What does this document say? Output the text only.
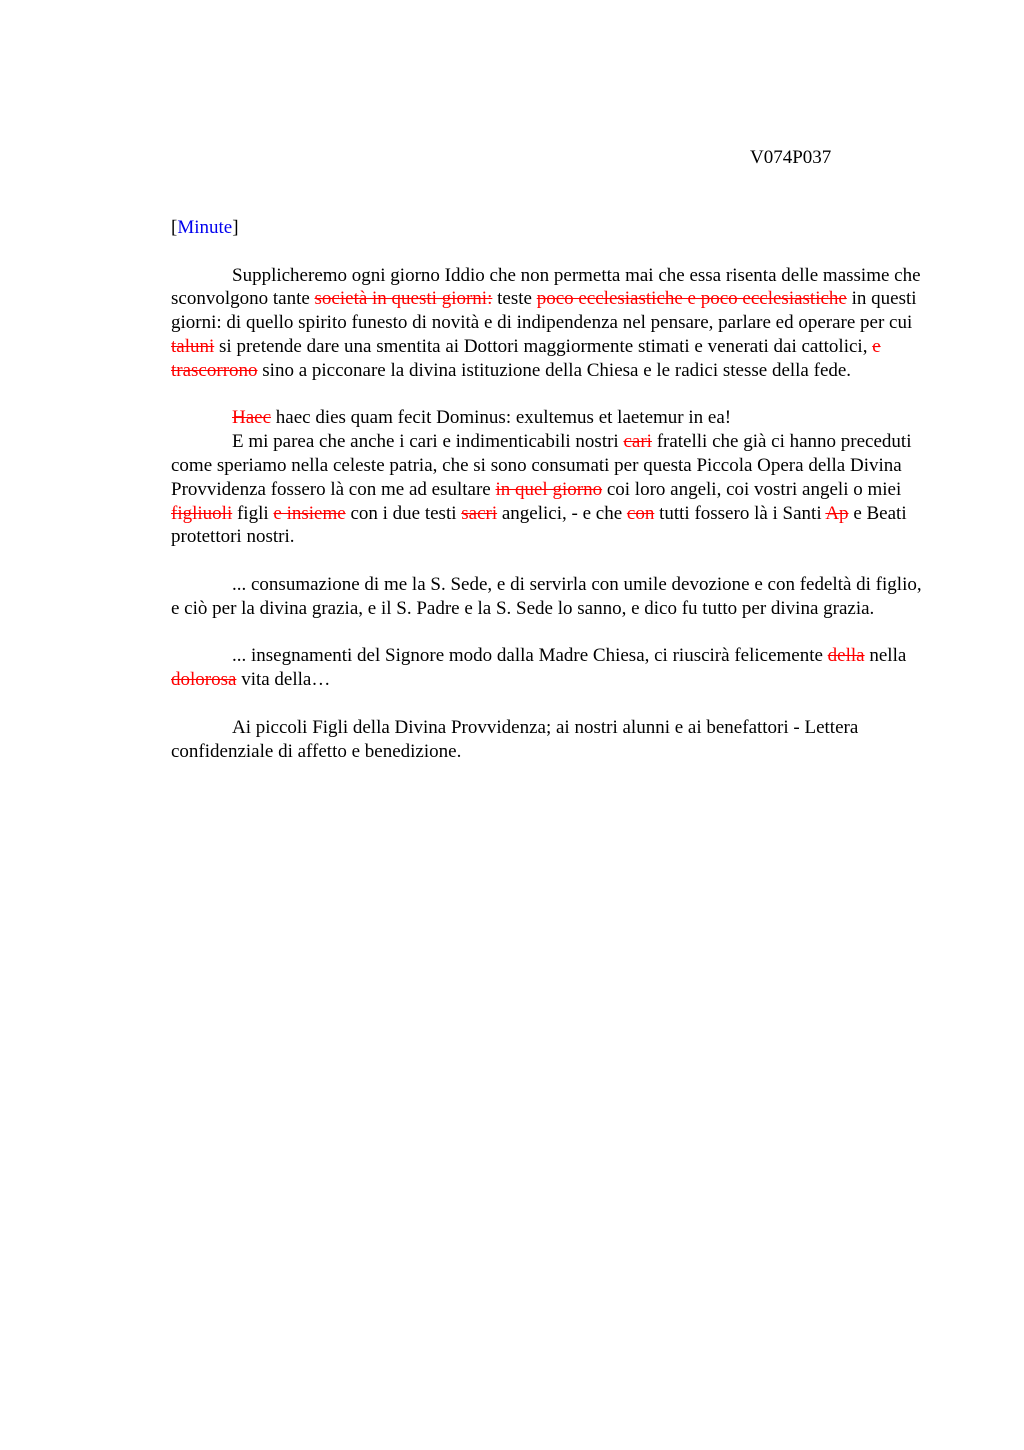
V074P037

[Minute]

Supplicheremo ogni giorno Iddio che non permetta mai che essa risenta delle massime che sconvolgono tante società in questi giorni: teste poco ecclesiastiche e poco ecclesiastiche in questi giorni: di quello spirito funesto di novità e di indipendenza nel pensare, parlare ed operare per cui taluni si pretende dare una smentita ai Dottori maggiormente stimati e venerati dai cattolici, e trascorrono sino a picconare la divina istituzione della Chiesa e le radici stesse della fede.

Haec haec dies quam fecit Dominus: exultemus et laetemur in ea!

E mi parea che anche i cari e indimenticabili nostri cari fratelli che già ci hanno preceduti come speriamo nella celeste patria, che si sono consumati per questa Piccola Opera della Divina Provvidenza fossero là con me ad esultare in quel giorno coi loro angeli, coi vostri angeli o miei figliuoli figli e insieme con i due testi sacri angelici, - e che con tutti fossero là i Santi Ap e Beati protettori nostri.

... consumazione di me la S. Sede, e di servirla con umile devozione e con fedeltà di figlio, e ciò per la divina grazia, e il S. Padre e la S. Sede lo sanno, e dico fu tutto per divina grazia.

... insegnamenti del Signore modo dalla Madre Chiesa, ci riuscirà felicemente della nella dolorosa vita della…

Ai piccoli Figli della Divina Provvidenza; ai nostri alunni e ai benefattori - Lettera confidenziale di affetto e benedizione.
